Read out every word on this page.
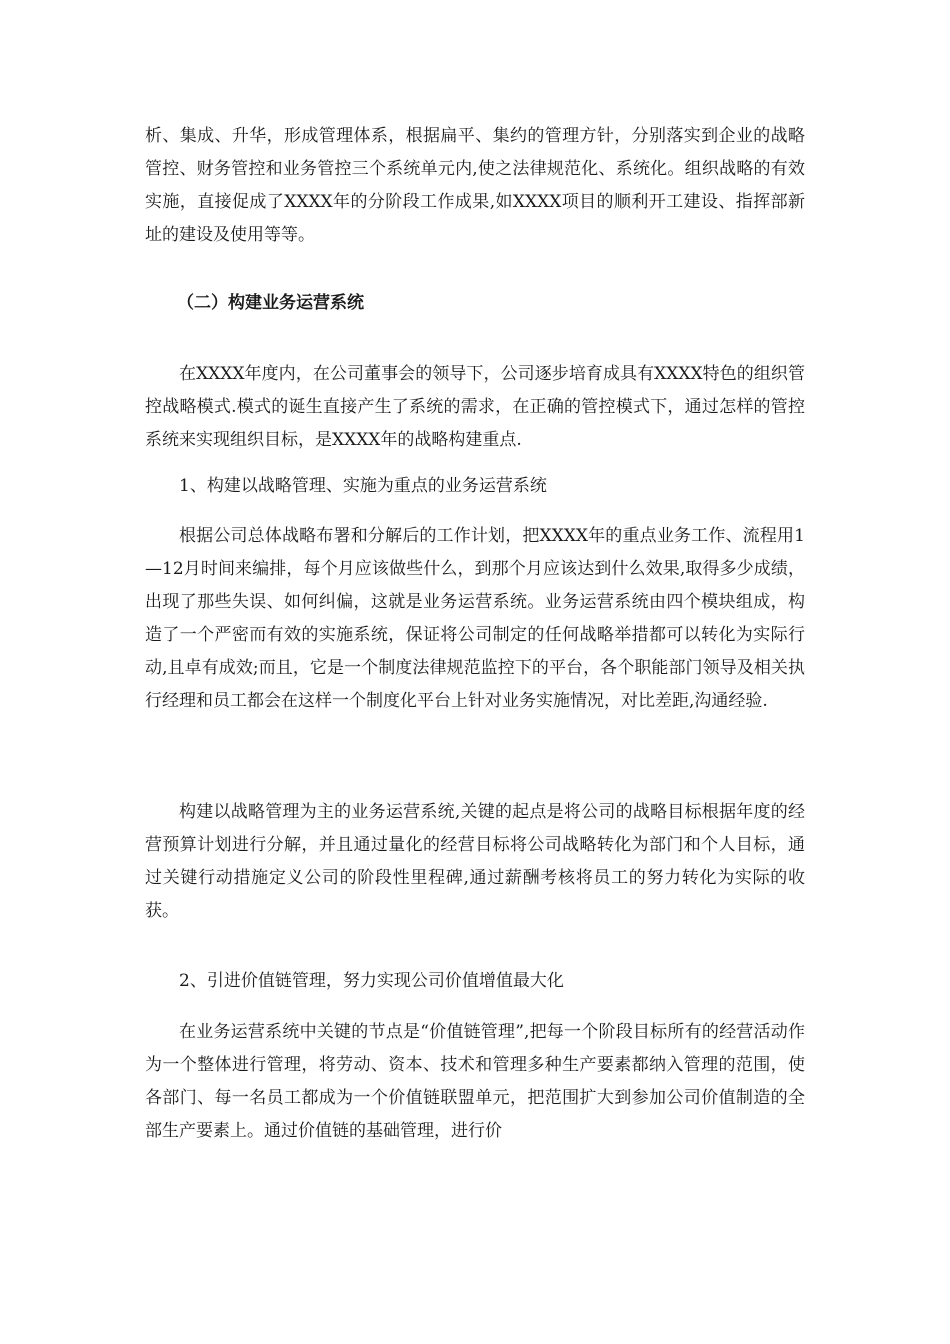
析、集成、升华，形成管理体系，根据扁平、集约的管理方针，分别落实到企业的战略管控、财务管控和业务管控三个系统单元内,使之法律规范化、系统化。组织战略的有效实施，直接促成了XXXX年的分阶段工作成果,如XXXX项目的顺利开工建设、指挥部新址的建设及使用等等。
（二）构建业务运营系统
在XXXX年度内，在公司董事会的领导下，公司逐步培育成具有XXXX特色的组织管控战略模式.模式的诞生直接产生了系统的需求，在正确的管控模式下，通过怎样的管控系统来实现组织目标，是XXXX年的战略构建重点.
1、构建以战略管理、实施为重点的业务运营系统
根据公司总体战略布署和分解后的工作计划，把XXXX年的重点业务工作、流程用1—12月时间来编排，每个月应该做些什么，到那个月应该达到什么效果,取得多少成绩，出现了那些失误、如何纠偏，这就是业务运营系统。业务运营系统由四个模块组成，构造了一个严密而有效的实施系统，保证将公司制定的任何战略举措都可以转化为实际行动,且卓有成效;而且，它是一个制度法律规范监控下的平台，各个职能部门领导及相关执行经理和员工都会在这样一个制度化平台上针对业务实施情况，对比差距,沟通经验.
构建以战略管理为主的业务运营系统,关键的起点是将公司的战略目标根据年度的经营预算计划进行分解，并且通过量化的经营目标将公司战略转化为部门和个人目标，通过关键行动措施定义公司的阶段性里程碑,通过薪酬考核将员工的努力转化为实际的收获。
2、引进价值链管理，努力实现公司价值增值最大化
在业务运营系统中关键的节点是“价值链管理”,把每一个阶段目标所有的经营活动作为一个整体进行管理，将劳动、资本、技术和管理多种生产要素都纳入管理的范围，使各部门、每一名员工都成为一个价值链联盟单元，把范围扩大到参加公司价值制造的全部生产要素上。通过价值链的基础管理，进行价
